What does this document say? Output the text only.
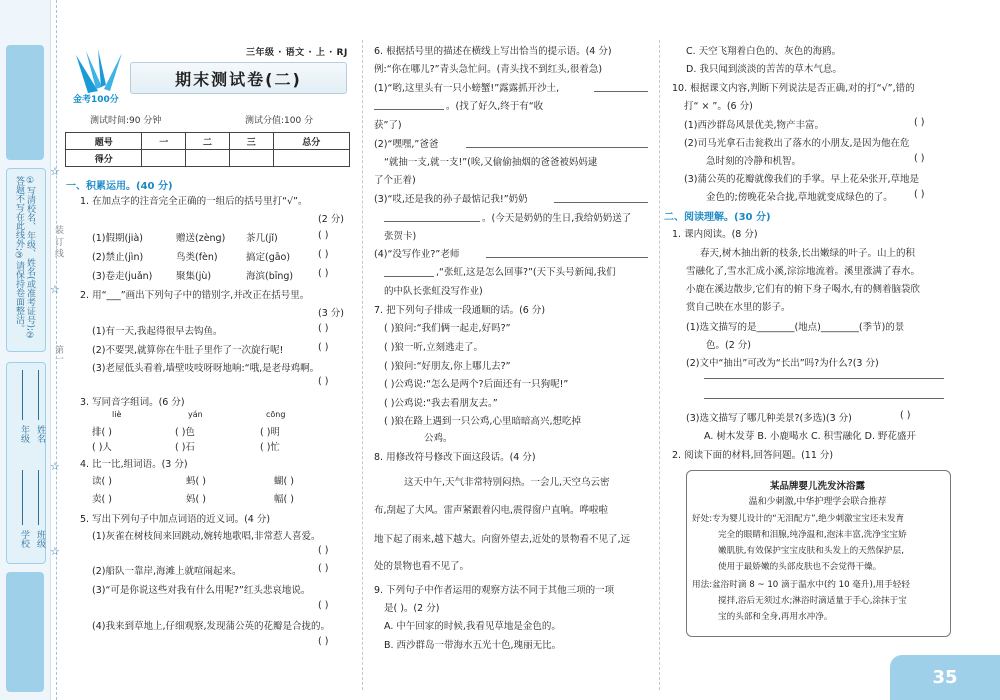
①写清校名、年级、姓名(或准考证号);②答题不写在此线外;③请保持卷面整洁。
年级 姓名
学校 班级
装 订 线
第一
☆
☆
☆
☆
金考100分
三年级 · 语文 · 上 · RJ
期末测试卷(二)
测试时间:90 分钟	测试分值:100 分
题号	一	二	三	总分
得分				
一、积累运用。(40 分)
1. 在加点字的注音完全正确的一组后的括号里打“√”。
(2 分)
(1)假期(jià)	赠送(zèng) 茶几(jǐ)	( )
(2)禁止(jìn)	鸟类(fèn)	搞定(gāo)	( )
(3)卷走(juǎn) 聚集(jù)	海滨(bīng)	( )
2. 用“___”画出下列句子中的错别字,并改正在括号里。
(3 分)
(1)有一天,我起得很早去钩鱼。	( )
(2)不要哭,就算你在牛肚子里作了一次旋行呢!	( )
(3)老屋低头看着,墙壁吱吱呀呀地响:“哦,是老母鸡啊。
( )
3. 写同音字组词。(6 分)
liè	yán	cōng
排( )	( )色	( )明
( )人	( )石	( )忙
4. 比一比,组词语。(3 分)
读( )	蚂( )	蝴( )
卖( )	妈( )	幅( )
5. 写出下列句子中加点词语的近义词。(4 分)
(1)灰雀在树枝间来回跳动,婉转地歌唱,非常惹人喜爱。
( )
(2)船队一靠岸,海滩上就喧闹起来。	( )
(3)“可是你说这些对我有什么用呢?”红头悲哀地说。
( )
(4)我来到草地上,仔细观察,发现蒲公英的花瓣是合拢的。
( )
6. 根据括号里的描述在横线上写出恰当的提示语。(4 分)
例:“你在哪儿?”青头急忙问。(青头找不到红头,很着急)
(1)“哟,这里头有一只小螃蟹!”露露抓开沙土,
。(找了好久,终于有“收
获”了)
(2)“嘿嘿,”爸爸
“就抽一支,就一支!”(唉,又偷偷抽烟的爸爸被妈妈逮
了个正着)
(3)“哎,还是我的孙子最惦记我!”奶奶
。(今天是奶奶的生日,我给奶奶送了
张贺卡)
(4)“没写作业?”老师
,“张虹,这是怎么回事?”(天下头号新闻,我们
的中队长张虹没写作业)
7. 把下列句子排成一段通顺的话。(6 分)
( )狼问:“我们俩一起走,好吗?”
( )狼一听,立刻逃走了。
( )狼问:“好朋友,你上哪儿去?”
( )公鸡说:“怎么是两个?后面还有一只狗呢!”
( )公鸡说:“我去看朋友去。”
( )狼在路上遇到一只公鸡,心里暗暗高兴,想吃掉
公鸡。
8. 用修改符号修改下面这段话。(4 分)
这天中午,天气非常特别闷热。一会儿,天空乌云密
布,刮起了大风。雷声紧跟着闪电,震得窗户直响。哗啦啦
地下起了雨来,越下越大。向窗外望去,近处的景物看不见了,远
处的景物也看不见了。
9. 下列句子中作者运用的观察方法不同于其他三项的一项
是( )。(2 分)
A. 中午回家的时候,我看见草地是金色的。
B. 西沙群岛一带海水五光十色,瑰丽无比。
C. 天空飞翔着白色的、灰色的海鸥。
D. 我只闻到淡淡的苦苦的草木气息。
10. 根据课文内容,判断下列说法是否正确,对的打“√”,错的
打“ × ”。(6 分)
(1)西沙群岛风景优美,物产丰富。	( )
(2)司马光拿石击瓮救出了落水的小朋友,是因为他在危
急时刻的冷静和机智。	( )
(3)蒲公英的花瓣就像我们的手掌。早上花朵张开,草地是
金色的;傍晚花朵合拢,草地就变成绿色的了。 ( )
二、阅读理解。(30 分)
1. 课内阅读。(8 分)
春天,树木抽出新的枝条,长出嫩绿的叶子。山上的积
雪融化了,雪水汇成小溪,淙淙地流着。溪里涨满了春水。
小鹿在溪边散步,它们有的俯下身子喝水,有的侧着脑袋欣
赏自己映在水里的影子。
(1)选文描写的是________(地点)________(季节)的景
色。(2 分)
(2)文中“抽出”可改为“长出”吗?为什么?(3 分)
(3)选文描写了哪几种美景?(多选)(3 分)	( )
A. 树木发芽 B. 小鹿喝水 C. 积雪融化 D. 野花盛开
2. 阅读下面的材料,回答问题。(11 分)
某品牌婴儿洗发沐浴露
温和少刺激,中华护理学会联合推荐
好处:专为婴儿设计的“无泪配方”,绝少刺激宝宝还未发育
完全的眼睛和泪腺,纯净温和,泡沫丰富,洗净宝宝娇
嫩肌肤,有效保护宝宝皮肤和头发上的天然保护层,
使用于最娇嫩的头部皮肤也不会觉得干燥。
用法:盆浴时滴 8 ~ 10 滴于温水中(约 10 毫升),用手轻轻
搅拌,浴后无须过水;淋浴时滴适量于手心,涂抹于宝
宝的头部和全身,再用水冲净。
35
